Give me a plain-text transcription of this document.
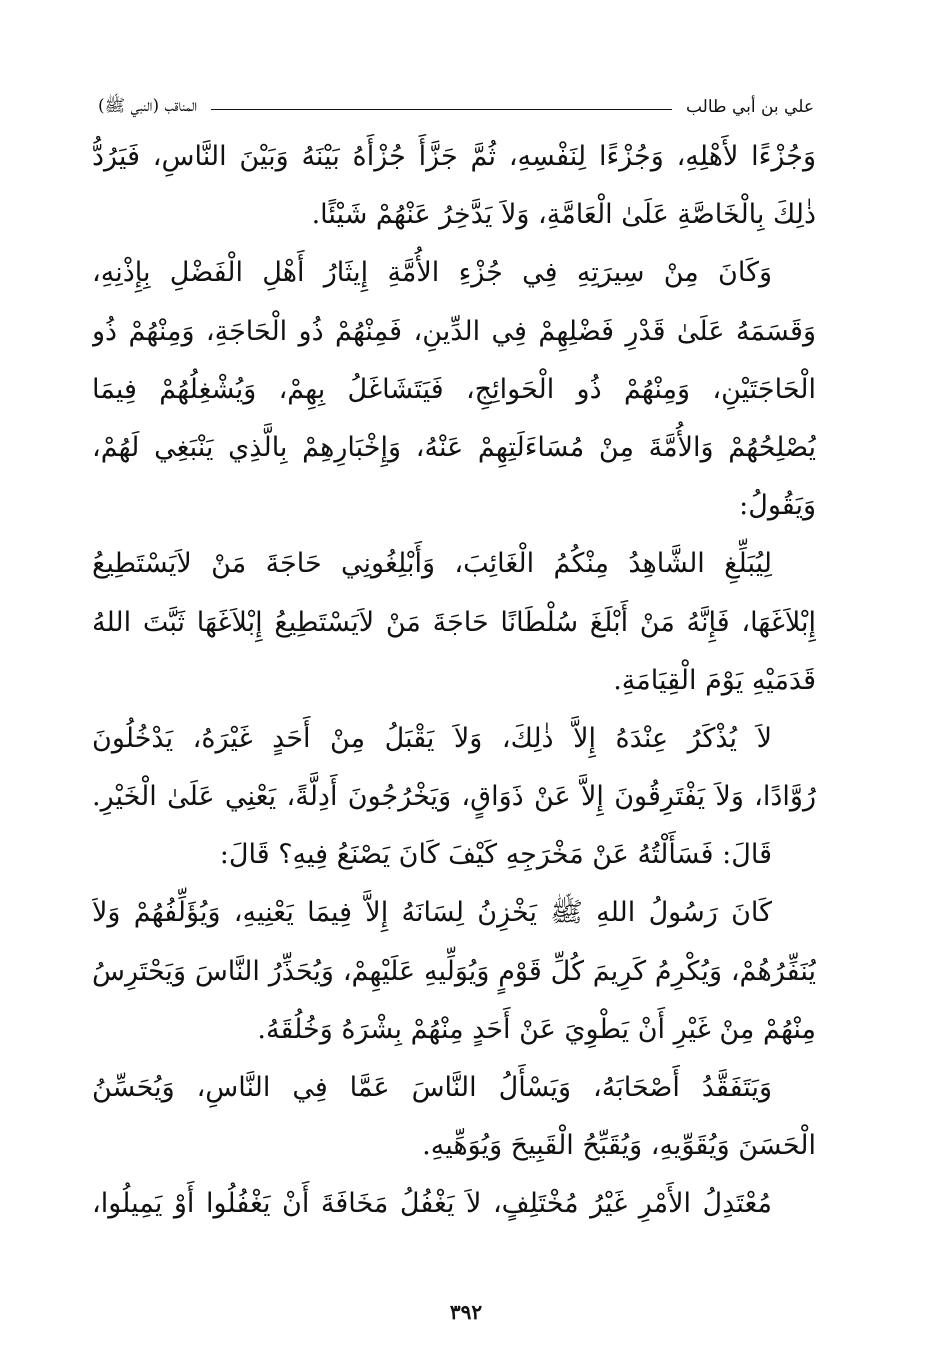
علي بن أبي طالب
المناقب (النبي ﷺ)
وَجُزْءًا لأَهْلِهِ، وَجُزْءًا لِنَفْسِهِ، ثُمَّ جَزَّأَ جُزْأَهُ بَيْنَهُ وَبَيْنَ النَّاسِ، فَيَرُدُّ
ذٰلِكَ بِالْخَاصَّةِ عَلَىٰ الْعَامَّةِ، وَلاَ يَدَّخِرُ عَنْهُمْ شَيْئًا.
وَكَانَ مِنْ سِيرَتِهِ فِي جُزْءِ الأُمَّةِ إِيثَارُ أَهْلِ الْفَضْلِ بِإِذْنِهِ،
وَقَسَمَهُ عَلَىٰ قَدْرِ فَضْلِهِمْ فِي الدِّينِ، فَمِنْهُمْ ذُو الْحَاجَةِ، وَمِنْهُمْ ذُو
الْحَاجَتَيْنِ، وَمِنْهُمْ ذُو الْحَوائِجِ، فَيَتَشَاغَلُ بِهِمْ، وَيُشْغِلُهُمْ فِيمَا
يُصْلِحُهُمْ وَالأُمَّةَ مِنْ مُسَاءَلَتِهِمْ عَنْهُ، وَإِخْبَارِهِمْ بِالَّذِي يَنْبَغِي لَهُمْ،
وَيَقُولُ:
لِيُبَلِّغِ الشَّاهِدُ مِنْكُمُ الْغَائِبَ، وَأَبْلِغُونِي حَاجَةَ مَنْ لاَيَسْتَطِيعُ
إِبْلاَغَهَا، فَإِنَّهُ مَنْ أَبْلَغَ سُلْطَانًا حَاجَةَ مَنْ لاَيَسْتَطِيعُ إِبْلاَغَهَا ثَبَّتَ اللهُ
قَدَمَيْهِ يَوْمَ الْقِيَامَةِ.
لاَ يُذْكَرُ عِنْدَهُ إِلاَّ ذٰلِكَ، وَلاَ يَقْبَلُ مِنْ أَحَدٍ غَيْرَهُ، يَدْخُلُونَ
رُوَّادًا، وَلاَ يَفْتَرِقُونَ إِلاَّ عَنْ ذَوَاقٍ، وَيَخْرُجُونَ أَدِلَّةً، يَعْنِي عَلَىٰ الْخَيْرِ.
قَالَ: فَسَأَلْتُهُ عَنْ مَخْرَجِهِ كَيْفَ كَانَ يَصْنَعُ فِيهِ؟ قَالَ:
كَانَ رَسُولُ اللهِ ﷺ يَخْزِنُ لِسَانَهُ إِلاَّ فِيمَا يَعْنِيهِ، وَيُؤَلِّفُهُمْ وَلاَ
يُنَفِّرُهُمْ، وَيُكْرِمُ كَرِيمَ كُلِّ قَوْمٍ وَيُوَلِّيهِ عَلَيْهِمْ، وَيُحَذِّرُ النَّاسَ وَيَحْتَرِسُ
مِنْهُمْ مِنْ غَيْرِ أَنْ يَطْوِيَ عَنْ أَحَدٍ مِنْهُمْ بِشْرَهُ وَخُلُقَهُ.
وَيَتَفَقَّدُ أَصْحَابَهُ، وَيَسْأَلُ النَّاسَ عَمَّا فِي النَّاسِ، وَيُحَسِّنُ
الْحَسَنَ وَيُقَوِّيهِ، وَيُقَبِّحُ الْقَبِيحَ وَيُوَهِّيهِ.
مُعْتَدِلُ الأَمْرِ غَيْرُ مُخْتَلِفٍ، لاَ يَغْفُلُ مَخَافَةَ أَنْ يَغْفُلُوا أَوْ يَمِيلُوا،
٣٩٢
